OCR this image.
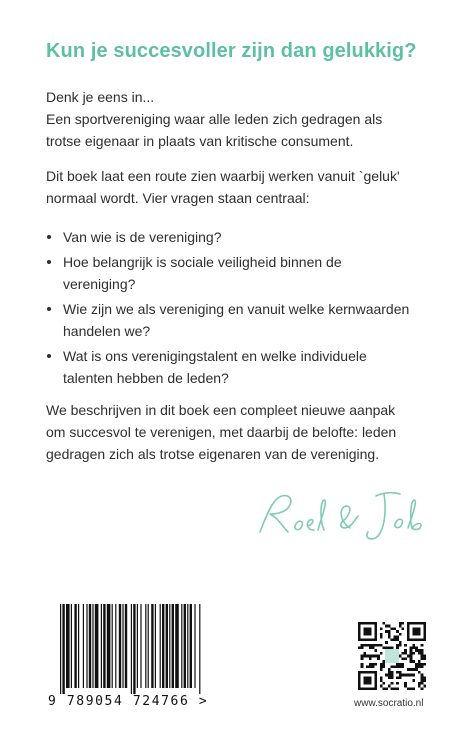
Kun je succesvoller zijn dan gelukkig?

Denk je eens in...
Een sportvereniging waar alle leden zich gedragen als
trotse eigenaar in plaats van kritische consument.

Dit boek laat een route zien waarbij werken vanuit `geluk'
normaal wordt. Vier vragen staan centraal:

Van wie is de vereniging?
Hoe belangrijk is sociale veiligheid binnen de
vereniging?
Wie zijn we als vereniging en vanuit welke kernwaarden
handelen we?
Wat is ons verenigingstalent en welke individuele
talenten hebben de leden?

We beschrijven in dit boek een compleet nieuwe aanpak
om succesvol te verenigen, met daarbij de belofte: leden
gedragen zich als trotse eigenaren van de vereniging.

9 789054 724766 >	www.socratio.nl
